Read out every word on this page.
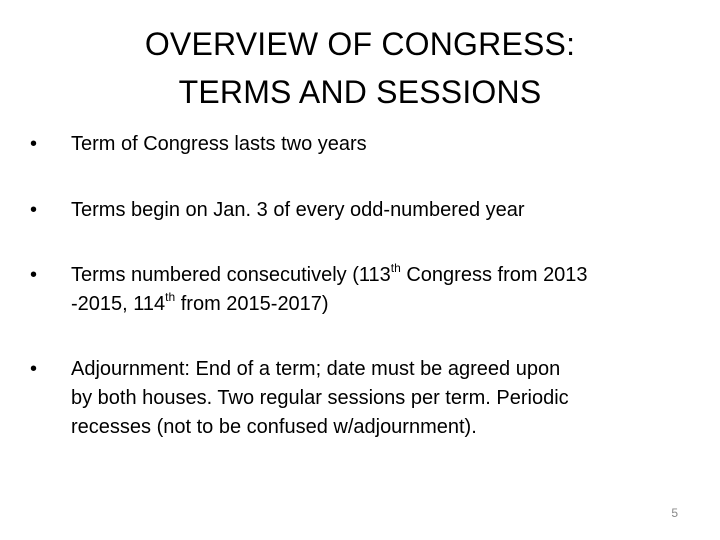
OVERVIEW OF CONGRESS:
TERMS AND SESSIONS
• Term of Congress lasts two years
• Terms begin on Jan. 3 of every odd-numbered year
• Terms numbered consecutively (113th Congress from 2013
-2015, 114th from 2015-2017)
• Adjournment: End of a term; date must be agreed upon
by both houses. Two regular sessions per term. Periodic
recesses (not to be confused w/adjournment).
5
